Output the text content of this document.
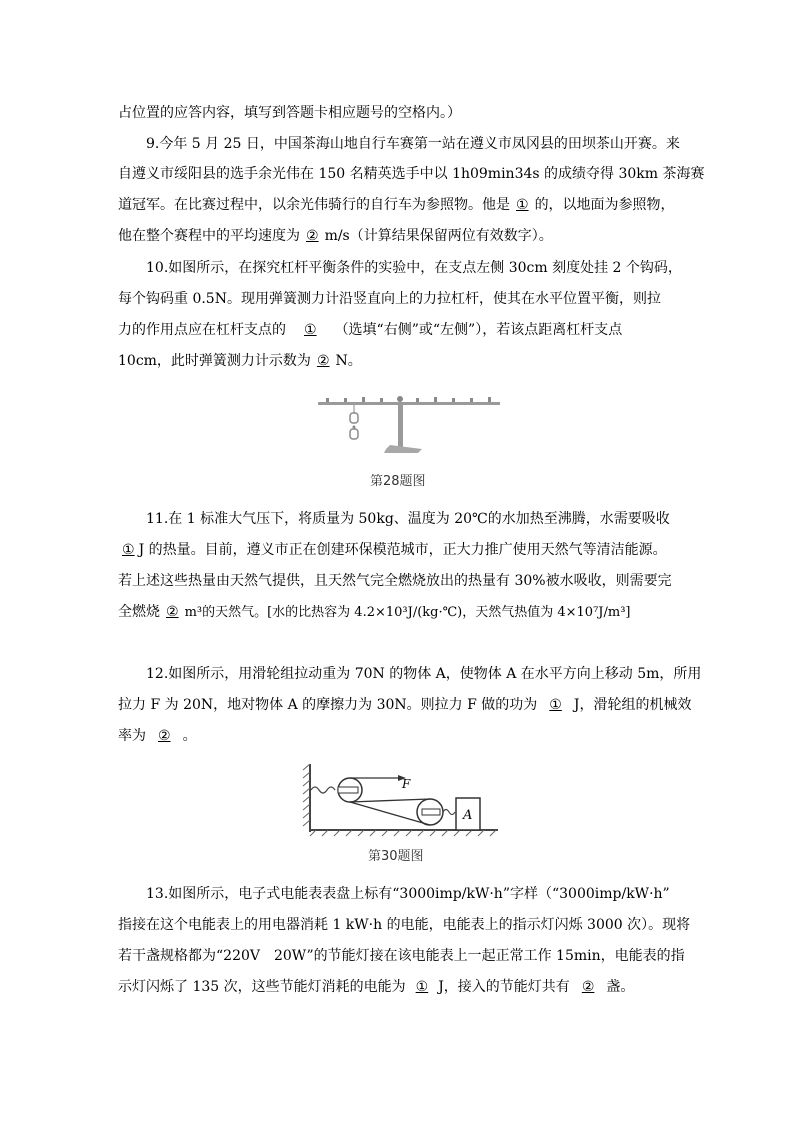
占位置的应答内容，填写到答题卡相应题号的空格内。）
9.今年 5 月 25 日，中国茶海山地自行车赛第一站在遵义市凤冈县的田坝茶山开赛。来
自遵义市绥阳县的选手余光伟在 150 名精英选手中以 1h09min34s 的成绩夺得 30km 茶海赛
道冠军。在比赛过程中，以余光伟骑行的自行车为参照物。他是 ① 的，以地面为参照物，
他在整个赛程中的平均速度为 ② m/s（计算结果保留两位有效数字）。
10.如图所示，在探究杠杆平衡条件的实验中，在支点左侧 30cm 刻度处挂 2 个钩码，
每个钩码重 0.5N。现用弹簧测力计沿竖直向上的力拉杠杆，使其在水平位置平衡，则拉
力的作用点应在杠杆支点的 ① （选填“右侧”或“左侧”），若该点距离杠杆支点
10cm，此时弹簧测力计示数为 ② N。
第28题图
11.在 1 标准大气压下，将质量为 50kg、温度为 20℃的水加热至沸腾，水需要吸收
① J 的热量。目前，遵义市正在创建环保模范城市，正大力推广使用天然气等清洁能源。
若上述这些热量由天然气提供，且天然气完全燃烧放出的热量有 30%被水吸收，则需要完
全燃烧 ② m³的天然气。[水的比热容为 4.2×10³J/(kg·℃)，天然气热值为 4×10⁷J/m³]
12.如图所示，用滑轮组拉动重为 70N 的物体 A，使物体 A 在水平方向上移动 5m，所用
拉力 F 为 20N，地对物体 A 的摩擦力为 30N。则拉力 F 做的功为 ① J，滑轮组的机械效
率为 ② 。
F
A
第30题图
13.如图所示，电子式电能表表盘上标有“3000imp/kW·h”字样（“3000imp/kW·h”
指接在这个电能表上的用电器消耗 1 kW·h 的电能，电能表上的指示灯闪烁 3000 次）。现将
若干盏规格都为“220V　20W”的节能灯接在该电能表上一起正常工作 15min，电能表的指
示灯闪烁了 135 次，这些节能灯消耗的电能为 ① J，接入的节能灯共有 ② 盏。
